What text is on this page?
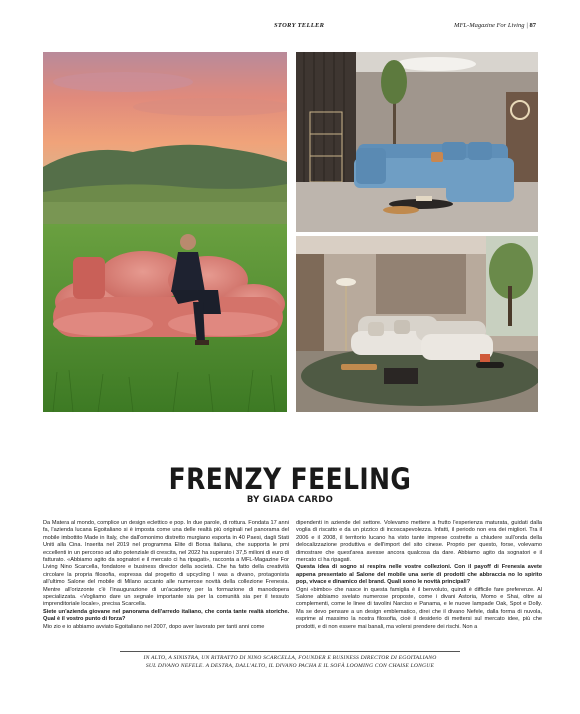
STORY TELLER	MFL-Magazine For Living | 87
FRENZY FEELING
BY GIADA CARDO

Da Matera al mondo, complice un design eclettico e pop. In due parole, di rottura. Fondata 17 anni fa, l'azienda lucana Egoitaliano si è imposta come una delle realtà più originali nel panorama del mobile imbottito Made in Italy, che dall'omonimo distretto murgiano esporta in 40 Paesi, dagli Stati Uniti alla Cina. Inserita nel 2019 nel programma Elite di Borsa italiana, che supporta le pmi eccellenti in un percorso ad alto potenziale di crescita, nel 2022 ha superato i 37,5 milioni di euro di fatturato. «Abbiamo agito da sognatori e il mercato ci ha ripagati», racconta a MFL-Magazine For Living Nino Scarcella, fondatore e business director della società. Che ha fatto della creatività circolare la propria filosofia, espressa dal progetto di upcycling I was a divano, protagonista all'ultimo Salone del mobile di Milano accanto alle numerose novità della collezione Frenesia. Mentre all'orizzonte c'è l'inaugurazione di un'academy per la formazione di manodopera specializzata. «Vogliamo dare un segnale importante sia per la comunità sia per il tessuto imprenditoriale locale», precisa Scarcella.

Siete un'azienda giovane nel panorama dell'arredo italiano, che conta tante realtà storiche. Qual è il vostro punto di forza?

Mio zio e io abbiamo avviato Egoitaliano nel 2007, dopo aver lavorato per tanti anni come

dipendenti in aziende del settore. Volevamo mettere a frutto l'esperienza maturata, guidati dalla voglia di riscatto e da un pizzico di incoscapevolezza. Infatti, il periodo non era dei migliori. Tra il 2006 e il 2008, il territorio lucano ha visto tante imprese costrette a chiudere sull'onda della delocalizzazione produttiva e dell'import del sito cinese. Proprio per questo, forse, volevamo dimostrare che quest'area avesse ancora qualcosa da dare. Abbiamo agito da sognatori e il mercato ci ha ripagati.

Questa idea di sogno si respira nelle vostre collezioni. Con il payoff di Frenesia avete appena presentato al Salone del mobile una serie di prodotti che abbraccia no lo spirito pop, vivace e dinamico del brand. Quali sono le novità principali?

Ogni «bimbo» che nasce in questa famiglia è il benvoluto, quindi è difficile fare preferenze. Al Salone abbiamo svelato numerose proposte, come i divani Astoria, Momo e Shai, oltre ai complementi, come le linee di tavolini Narciso e Panama, e le nuove lampade Oak, Spot e Dolly. Ma se devo pensare a un design emblematico, direi che il divano Nefele, dalla forma di nuvola, esprime al massimo la nostra filosofia, cioè il desiderio di mettersi sul mercato idee, più che prodotti, e di non essere mai banali, ma volersi prendere dei rischi. Non a

IN ALTO, A SINISTRA, UN RITRATTO DI NINO SCARCELLA, FOUNDER E BUSINESS DIRECTOR DI EGOITALIANO
SUL DIVANO NEFELE. A DESTRA, DALL'ALTO, IL DIVANO PACHA E IL SOFÀ LOOMING CON CHAISE LONGUE
